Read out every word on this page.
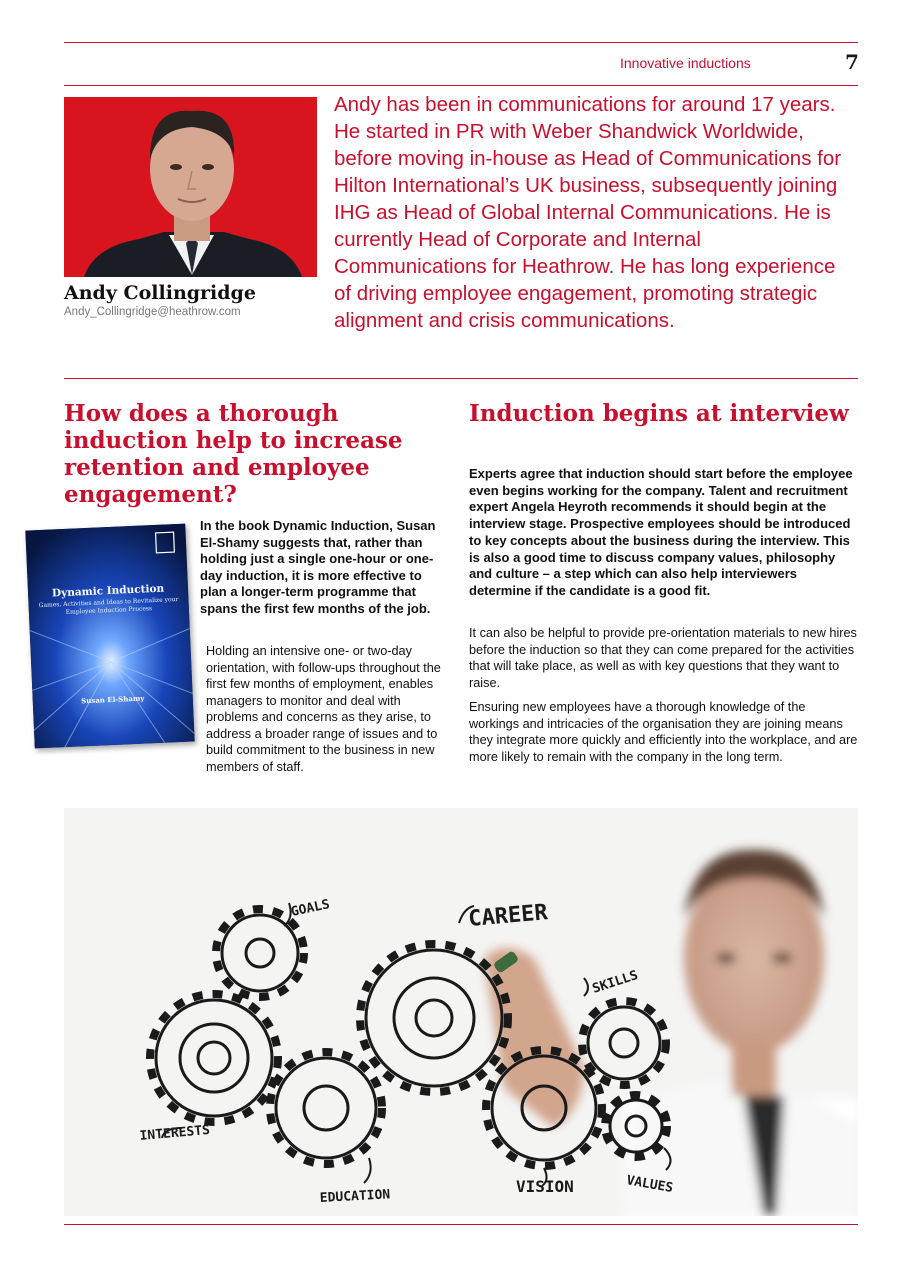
Innovative inductions	7
Andy Collingridge
Andy_Collingridge@heathrow.com

Andy has been in communications for around 17 years. He started in PR with Weber Shandwick Worldwide, before moving in-house as Head of Communications for Hilton International’s UK business, subsequently joining IHG as Head of Global Internal Communications. He is currently Head of Corporate and Internal Communications for Heathrow. He has long experience of driving employee engagement, promoting strategic alignment and crisis communications.

How does a thorough induction help to increase retention and employee engagement?
Dynamic Induction
Games, Activities and Ideas to Revitalize your Employee Induction Process
Susan El-Shamy

In the book Dynamic Induction, Susan El-Shamy suggests that, rather than holding just a single one-hour or one-day induction, it is more effective to plan a longer-term programme that spans the first few months of the job.

Holding an intensive one- or two-day orientation, with follow-ups throughout the first few months of employment, enables managers to monitor and deal with problems and concerns as they arise, to address a broader range of issues and to build commitment to the business in new members of staff.

Induction begins at interview

Experts agree that induction should start before the employee even begins working for the company. Talent and recruitment expert Angela Heyroth recommends it should begin at the interview stage. Prospective employees should be introduced to key concepts about the business during the interview. This is also a good time to discuss company values, philosophy and culture – a step which can also help interviewers determine if the candidate is a good fit.

It can also be helpful to provide pre-orientation materials to new hires before the induction so that they can come prepared for the activities that will take place, as well as with key questions that they want to raise.

Ensuring new employees have a thorough knowledge of the workings and intricacies of the organisation they are joining means they integrate more quickly and efficiently into the workplace, and are more likely to remain with the company in the long term.

GOALS	CAREER
SKILLS
INTERESTS
EDUCATION
VISION	VALUES
